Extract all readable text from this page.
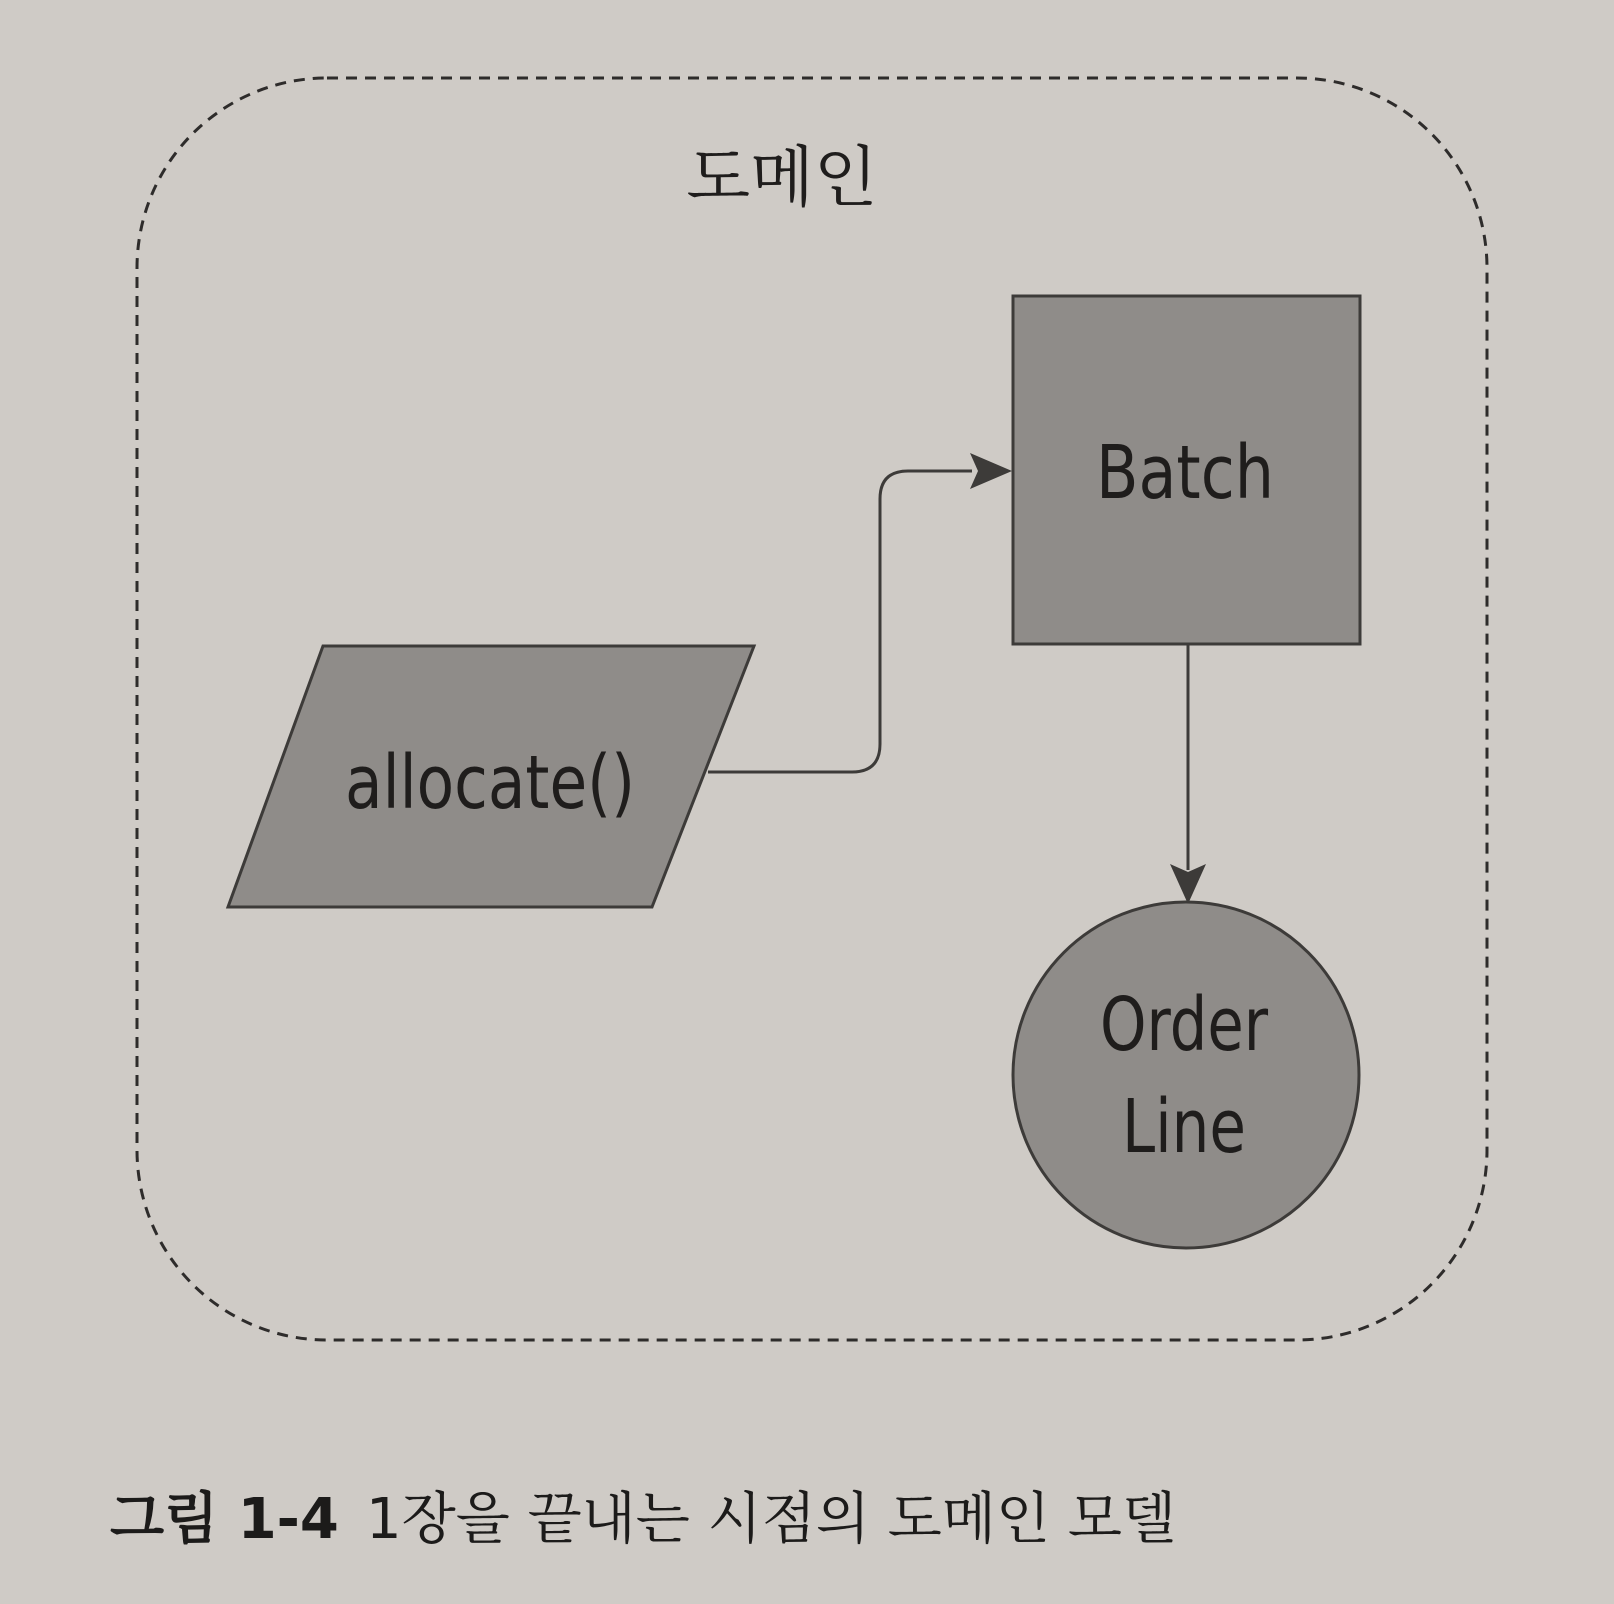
도메인
allocate()
Batch
Order
Line
그림 1-4 1장을 끝내는 시점의 도메인 모델
